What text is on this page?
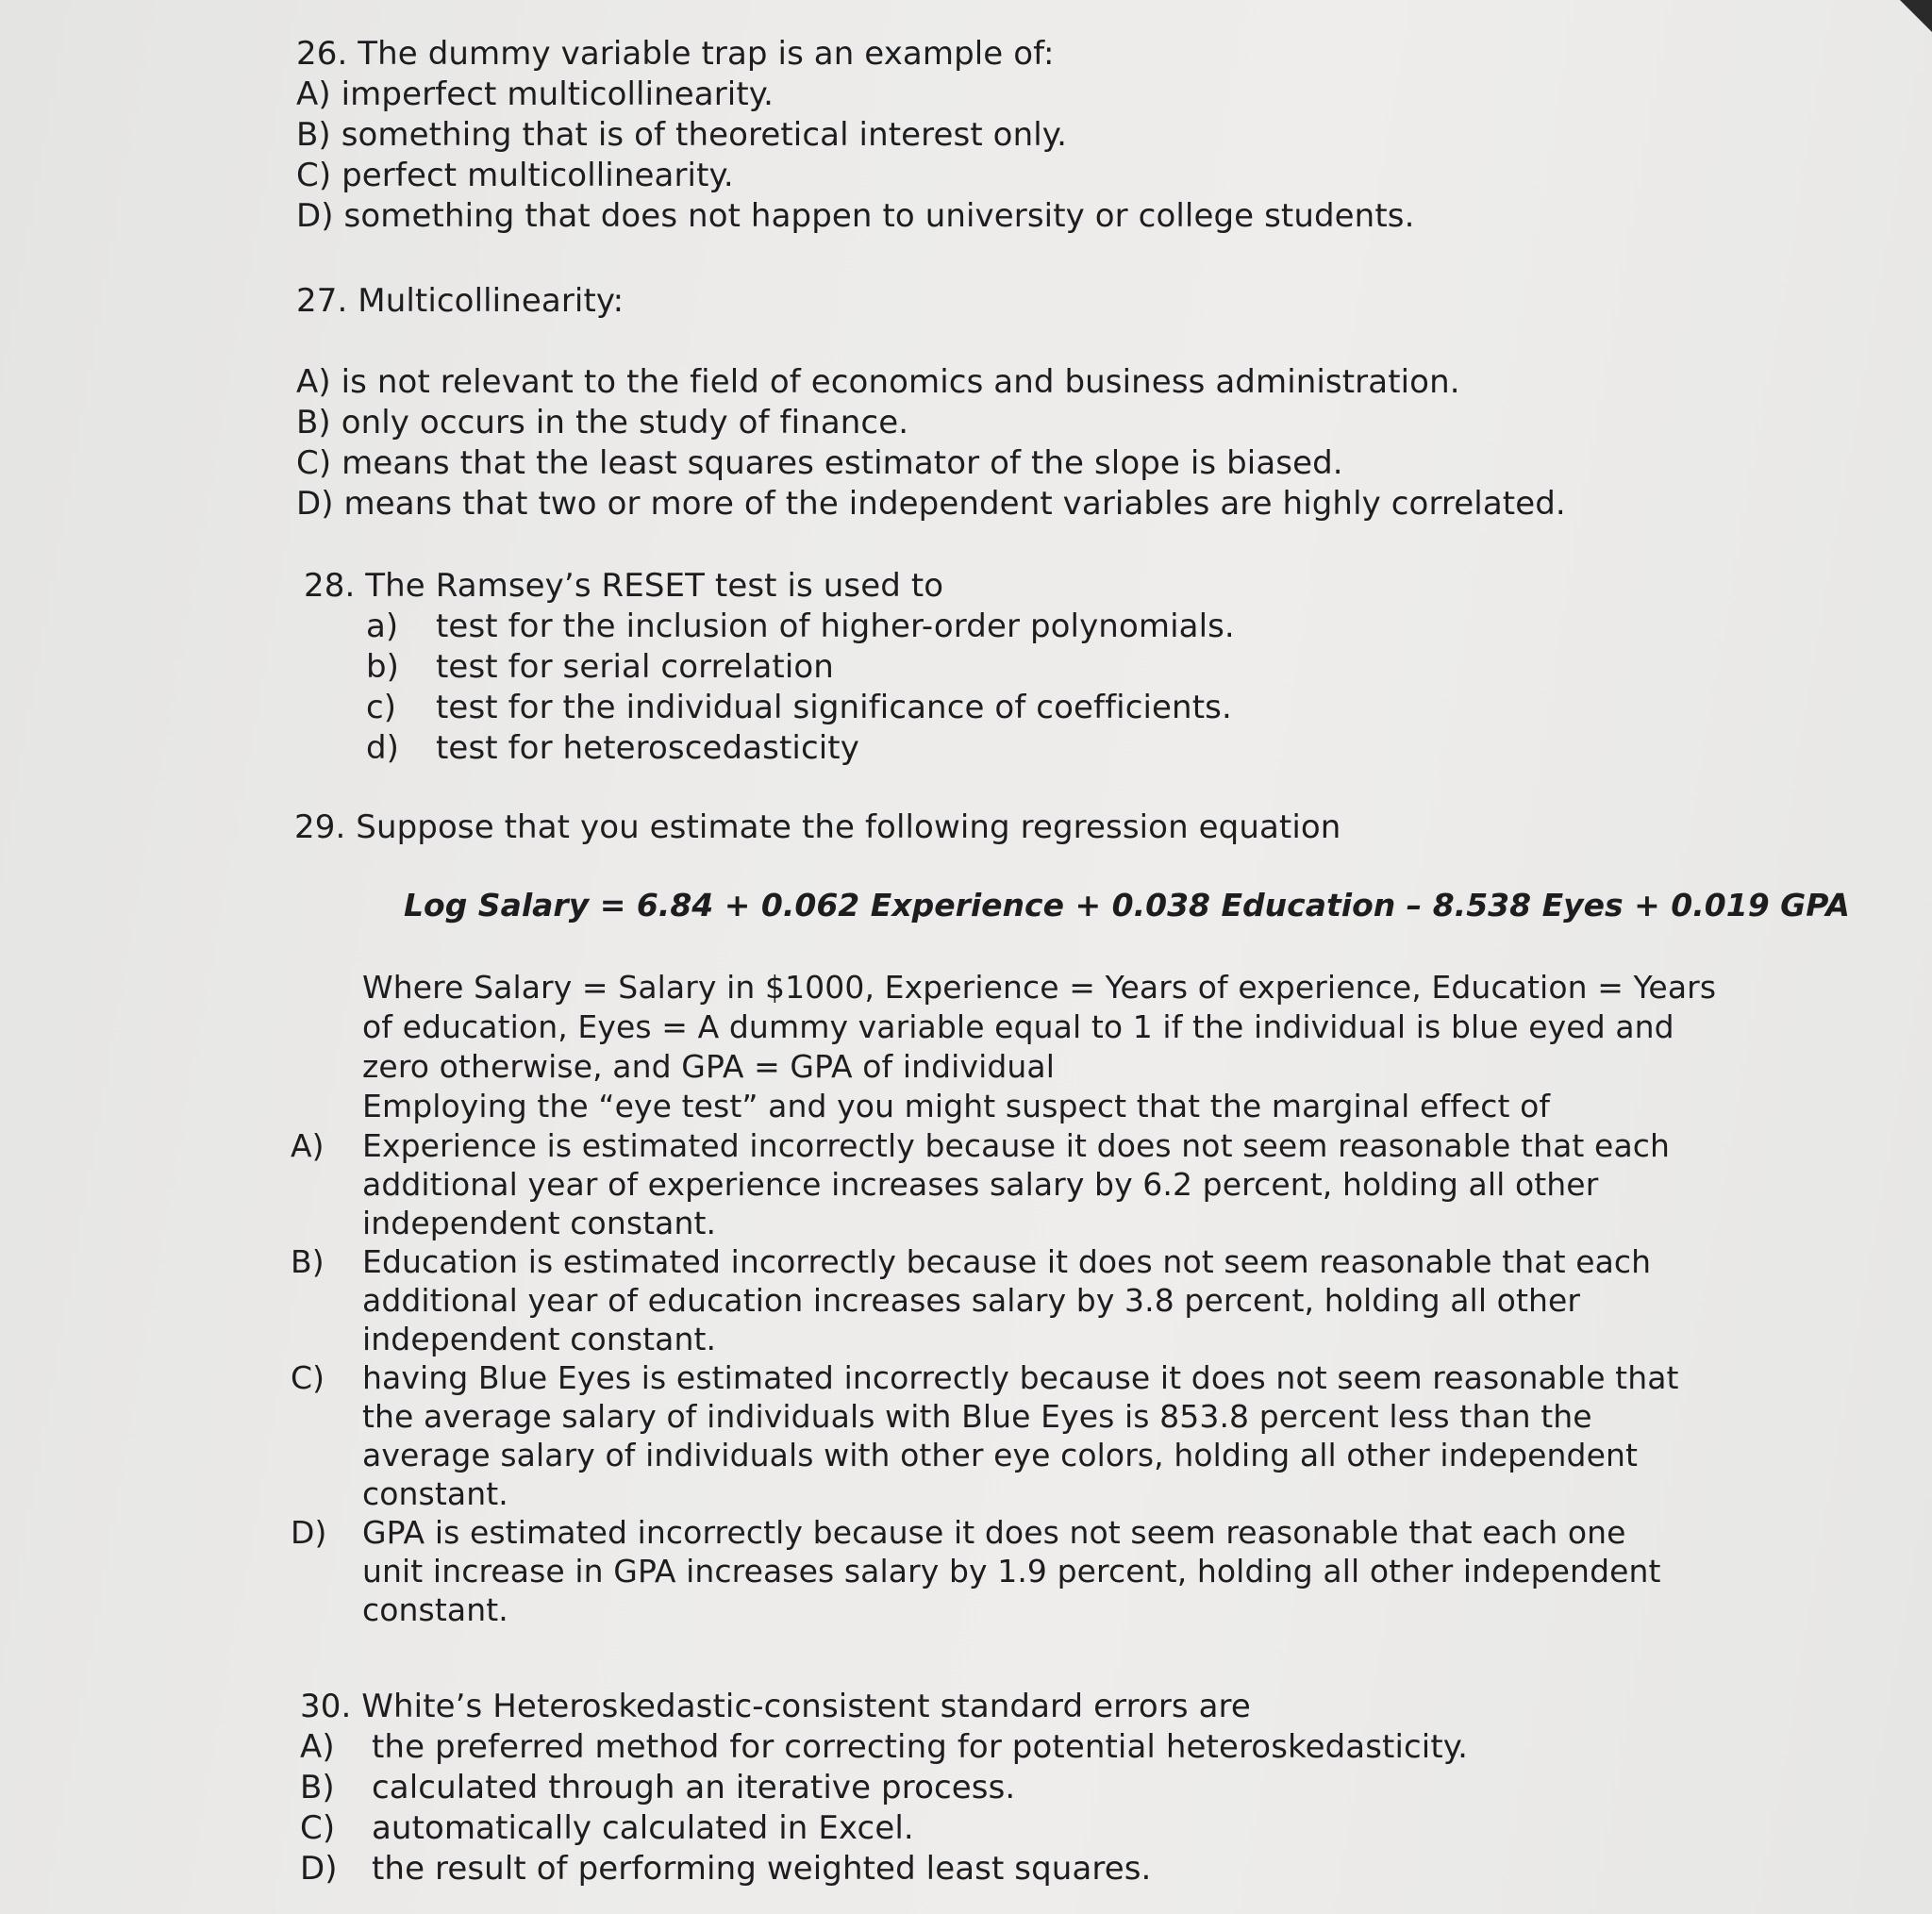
26. The dummy variable trap is an example of:
A) imperfect multicollinearity.
B) something that is of theoretical interest only.
C) perfect multicollinearity.
D) something that does not happen to university or college students.
27. Multicollinearity:
A) is not relevant to the field of economics and business administration.
B) only occurs in the study of finance.
C) means that the least squares estimator of the slope is biased.
D) means that two or more of the independent variables are highly correlated.
28. The Ramsey’s RESET test is used to
a)	test for the inclusion of higher-order polynomials.
b)	test for serial correlation
c)	test for the individual significance of coefficients.
d)	test for heteroscedasticity
29. Suppose that you estimate the following regression equation
Log Salary = 6.84 + 0.062 Experience + 0.038 Education – 8.538 Eyes + 0.019 GPA
Where Salary = Salary in $1000, Experience = Years of experience, Education = Years
of education, Eyes = A dummy variable equal to 1 if the individual is blue eyed and
zero otherwise, and GPA = GPA of individual
Employing the “eye test” and you might suspect that the marginal effect of
A)	Experience is estimated incorrectly because it does not seem reasonable that each
additional year of experience increases salary by 6.2 percent, holding all other
independent constant.
B)	Education is estimated incorrectly because it does not seem reasonable that each
additional year of education increases salary by 3.8 percent, holding all other
independent constant.
C)	having Blue Eyes is estimated incorrectly because it does not seem reasonable that
the average salary of individuals with Blue Eyes is 853.8 percent less than the
average salary of individuals with other eye colors, holding all other independent
constant.
D)	GPA is estimated incorrectly because it does not seem reasonable that each one
unit increase in GPA increases salary by 1.9 percent, holding all other independent
constant.
30. White’s Heteroskedastic-consistent standard errors are
A)	the preferred method for correcting for potential heteroskedasticity.
B)	calculated through an iterative process.
C)	automatically calculated in Excel.
D)	the result of performing weighted least squares.
